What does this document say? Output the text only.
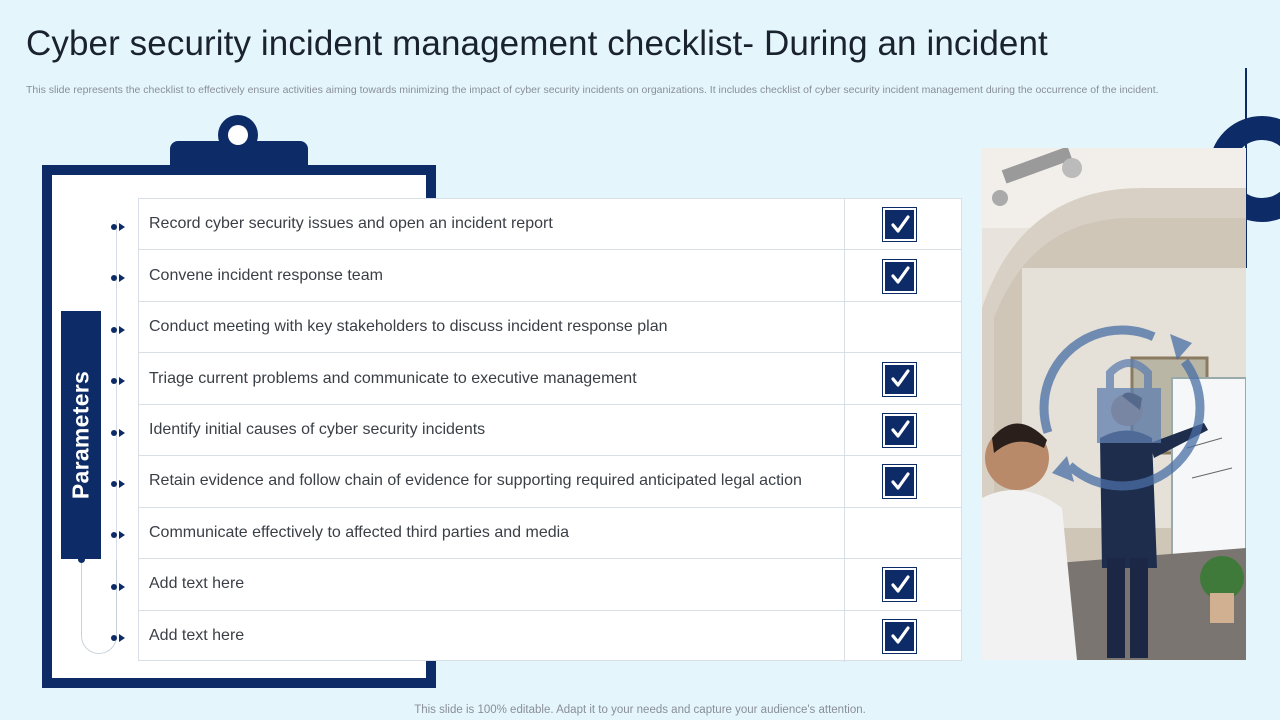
Cyber security incident management checklist- During an incident
This slide represents the checklist to effectively ensure activities aiming towards minimizing the impact of cyber security incidents on organizations. It includes checklist of cyber security incident management during the occurrence of the incident.
Parameters
Record cyber security issues and open an incident report
Convene incident response team
Conduct meeting with key stakeholders to discuss incident response plan
Triage current problems and communicate to executive management
Identify initial causes of cyber security incidents
Retain evidence and follow chain of evidence for supporting required anticipated legal action
Communicate effectively to affected third parties and media
Add text here
Add text here
This slide is 100% editable. Adapt it to your needs and capture your audience's attention.
